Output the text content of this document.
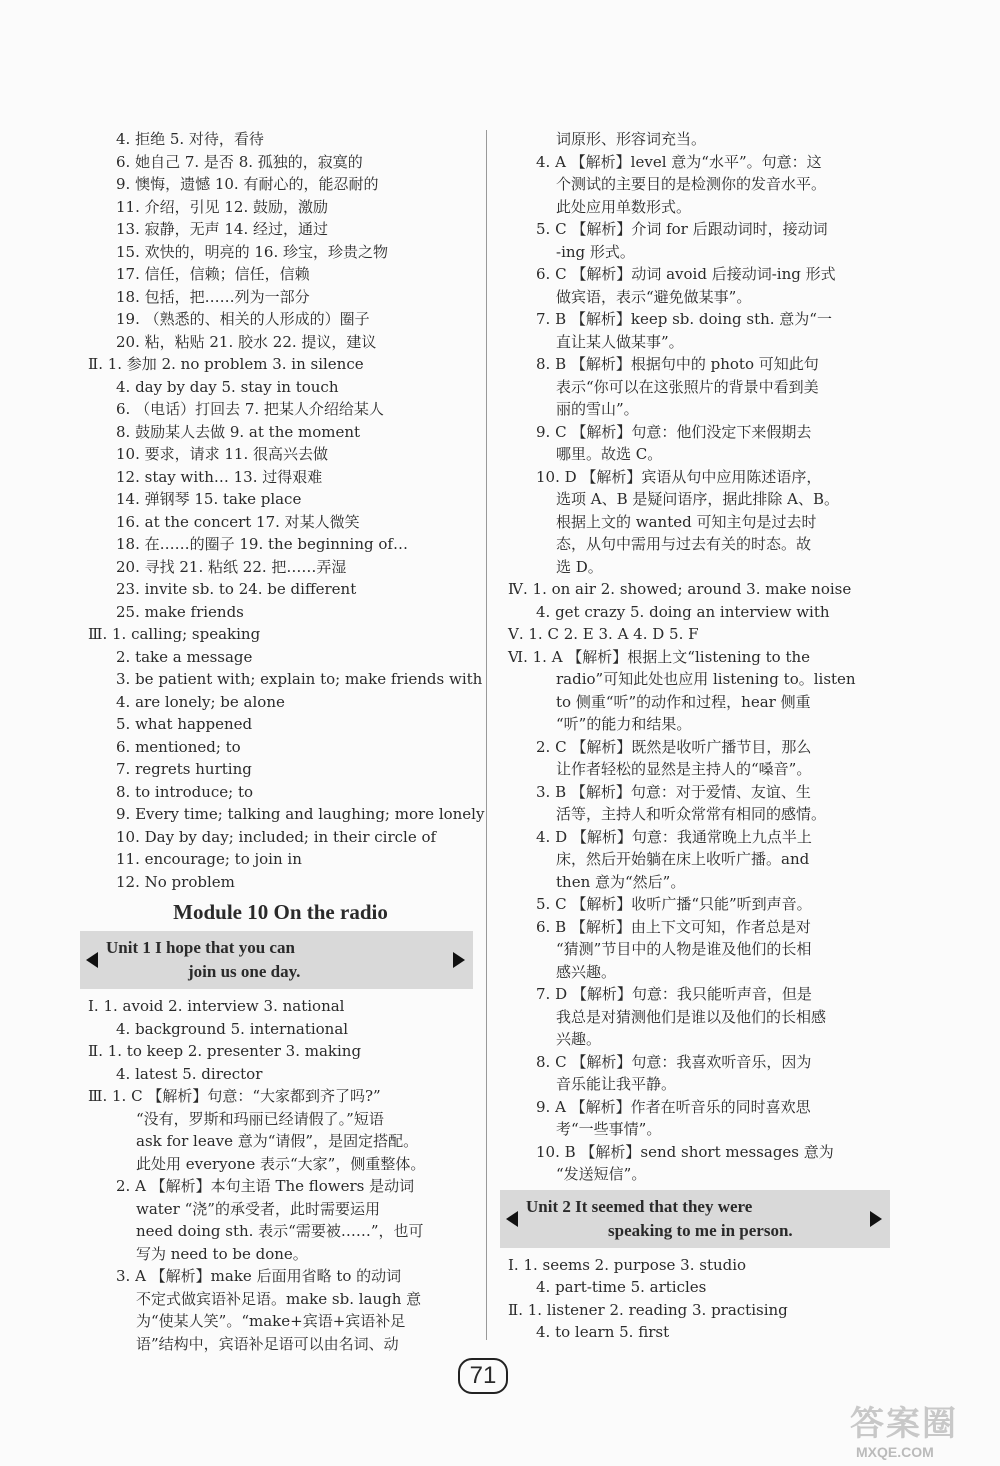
4. 拒绝 5. 对待，看待
6. 她自己 7. 是否 8. 孤独的，寂寞的
9. 懊悔，遗憾 10. 有耐心的，能忍耐的
11. 介绍，引见 12. 鼓励，激励
13. 寂静，无声 14. 经过，通过
15. 欢快的，明亮的 16. 珍宝，珍贵之物
17. 信任，信赖；信任，信赖
18. 包括，把……列为一部分
19. （熟悉的、相关的人形成的）圈子
20. 粘，粘贴 21. 胶水 22. 提议，建议
Ⅱ. 1. 参加 2. no problem 3. in silence
4. day by day 5. stay in touch
6. （电话）打回去 7. 把某人介绍给某人
8. 鼓励某人去做 9. at the moment
10. 要求，请求 11. 很高兴去做
12. stay with… 13. 过得艰难
14. 弹钢琴 15. take place
16. at the concert 17. 对某人微笑
18. 在……的圈子 19. the beginning of…
20. 寻找 21. 粘纸 22. 把……弄湿
23. invite sb. to 24. be different
25. make friends
Ⅲ. 1. calling; speaking
2. take a message
3. be patient with; explain to; make friends with
4. are lonely; be alone
5. what happened
6. mentioned; to
7. regrets hurting
8. to introduce; to
9. Every time; talking and laughing; more lonely
10. Day by day; included; in their circle of
11. encourage; to join in
12. No problem
Module 10 On the radio
Unit 1 I hope that you can
join us one day.
Ⅰ. 1. avoid 2. interview 3. national
4. background 5. international
Ⅱ. 1. to keep 2. presenter 3. making
4. latest 5. director
Ⅲ. 1. C 【解析】句意：“大家都到齐了吗?”
“没有，罗斯和玛丽已经请假了。”短语
ask for leave 意为“请假”，是固定搭配。
此处用 everyone 表示“大家”，侧重整体。
2. A 【解析】本句主语 The flowers 是动词
water “浇”的承受者，此时需要运用
need doing sth. 表示“需要被……”，也可
写为 need to be done。
3. A 【解析】make 后面用省略 to 的动词
不定式做宾语补足语。make sb. laugh 意
为“使某人笑”。“make+宾语+宾语补足
语”结构中，宾语补足语可以由名词、动
词原形、形容词充当。
4. A 【解析】level 意为“水平”。句意：这
个测试的主要目的是检测你的发音水平。
此处应用单数形式。
5. C 【解析】介词 for 后跟动词时，接动词
-ing 形式。
6. C 【解析】动词 avoid 后接动词-ing 形式
做宾语，表示“避免做某事”。
7. B 【解析】keep sb. doing sth. 意为“一
直让某人做某事”。
8. B 【解析】根据句中的 photo 可知此句
表示“你可以在这张照片的背景中看到美
丽的雪山”。
9. C 【解析】句意：他们没定下来假期去
哪里。故选 C。
10. D 【解析】宾语从句中应用陈述语序，
选项 A、B 是疑问语序，据此排除 A、B。
根据上文的 wanted 可知主句是过去时
态，从句中需用与过去有关的时态。故
选 D。
Ⅳ. 1. on air 2. showed; around 3. make noise
4. get crazy 5. doing an interview with
Ⅴ. 1. C 2. E 3. A 4. D 5. F
Ⅵ. 1. A 【解析】根据上文“listening to the
radio”可知此处也应用 listening to。listen
to 侧重“听”的动作和过程，hear 侧重
“听”的能力和结果。
2. C 【解析】既然是收听广播节目，那么
让作者轻松的显然是主持人的“嗓音”。
3. B 【解析】句意：对于爱情、友谊、生
活等，主持人和听众常常有相同的感情。
4. D 【解析】句意：我通常晚上九点半上
床，然后开始躺在床上收听广播。and
then 意为“然后”。
5. C 【解析】收听广播“只能”听到声音。
6. B 【解析】由上下文可知，作者总是对
“猜测”节目中的人物是谁及他们的长相
感兴趣。
7. D 【解析】句意：我只能听声音，但是
我总是对猜测他们是谁以及他们的长相感
兴趣。
8. C 【解析】句意：我喜欢听音乐，因为
音乐能让我平静。
9. A 【解析】作者在听音乐的同时喜欢思
考“一些事情”。
10. B 【解析】send short messages 意为
“发送短信”。
Unit 2 It seemed that they were
speaking to me in person.
Ⅰ. 1. seems 2. purpose 3. studio
4. part-time 5. articles
Ⅱ. 1. listener 2. reading 3. practising
4. to learn 5. first
71
答案圈
MXQE.COM
